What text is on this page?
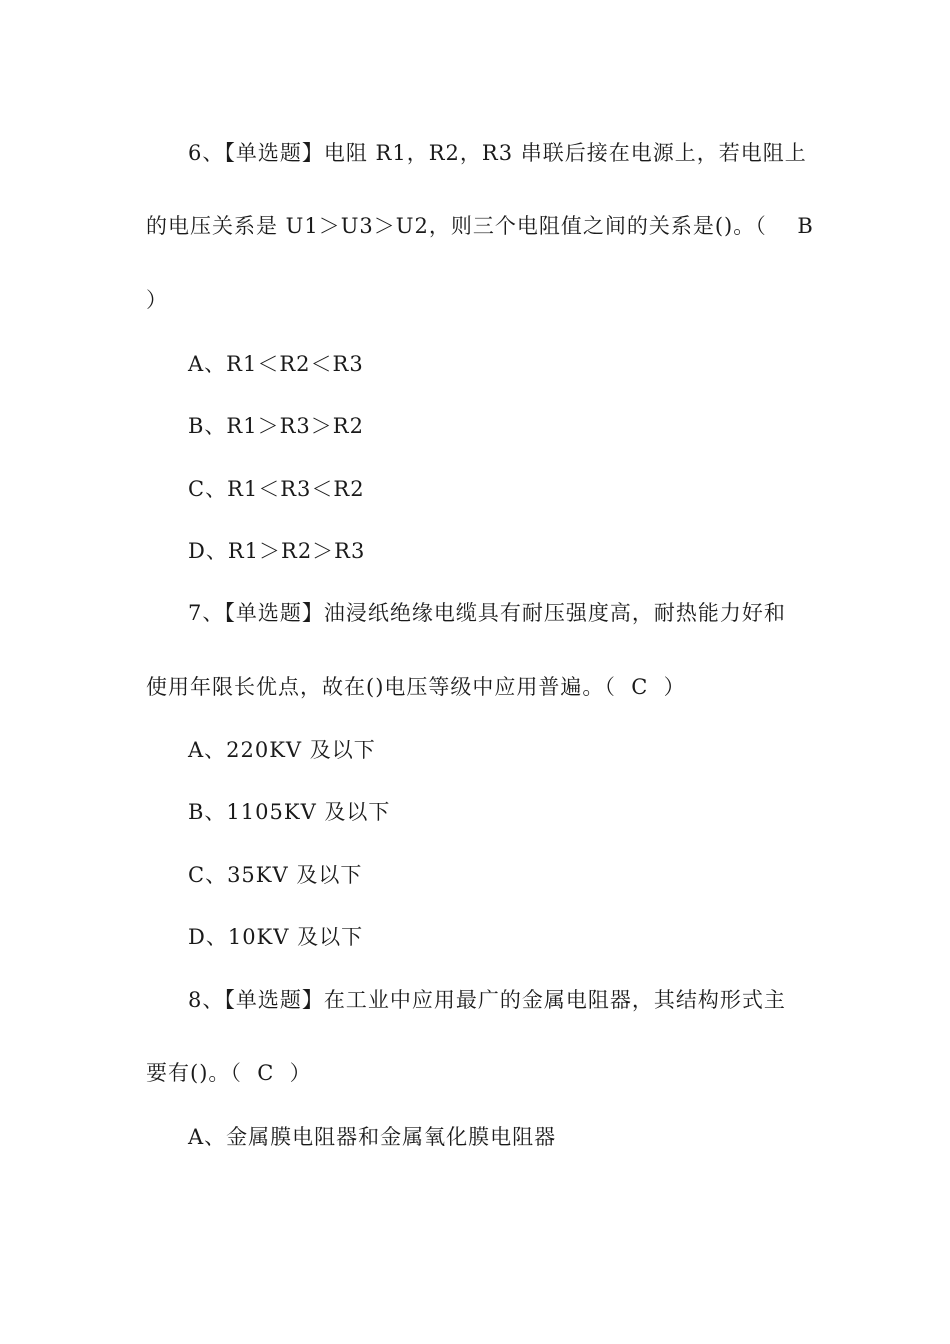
6、【单选题】电阻 R1，R2，R3 串联后接在电源上，若电阻上
的电压关系是 U1＞U3＞U2，则三个电阻值之间的关系是()。（    B
）
A、R1＜R2＜R3
B、R1＞R3＞R2
C、R1＜R3＜R2
D、R1＞R2＞R3
7、【单选题】油浸纸绝缘电缆具有耐压强度高，耐热能力好和
使用年限长优点，故在()电压等级中应用普遍。（  C  ）
A、220KV 及以下
B、1105KV 及以下
C、35KV 及以下
D、10KV 及以下
8、【单选题】在工业中应用最广的金属电阻器，其结构形式主
要有()。（  C  ）
A、金属膜电阻器和金属氧化膜电阻器
